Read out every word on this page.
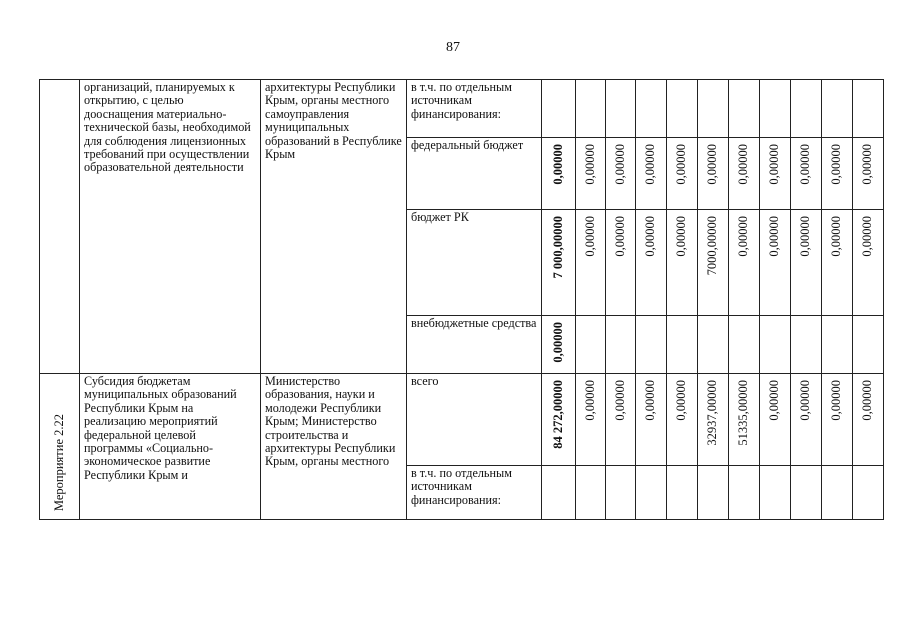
87
	организаций, планируемых к открытию, с целью дооснащения материально-технической базы, необходимой для соблюдения лицензионных требований при осуществлении образовательной деятельности	архитектуры Республики Крым, органы местного самоуправления муниципальных образований в Республике Крым	в т.ч. по отдельным источникам финансирования:											
			федеральный бюджет	0,00000	0,00000	0,00000	0,00000	0,00000	0,00000	0,00000	0,00000	0,00000	0,00000	0,00000

			бюджет РК	7 000,00000	0,00000	0,00000	0,00000	0,00000	7000,00000	0,00000	0,00000	0,00000	0,00000	0,00000

			внебюджетные средства	0,00000										

Мероприятие 2.22	Субсидия бюджетам муниципальных образований Республики Крым на реализацию мероприятий федеральной целевой программы «Социально-экономическое развитие Республики Крым и	Министерство образования, науки и молодежи Республики Крым; Министерство строительства и архитектуры Республики Крым, органы местного	всего	84 272,00000	0,00000	0,00000	0,00000	0,00000	32937,00000	51335,00000	0,00000	0,00000	0,00000	0,00000

			в т.ч. по отдельным источникам финансирования:											
